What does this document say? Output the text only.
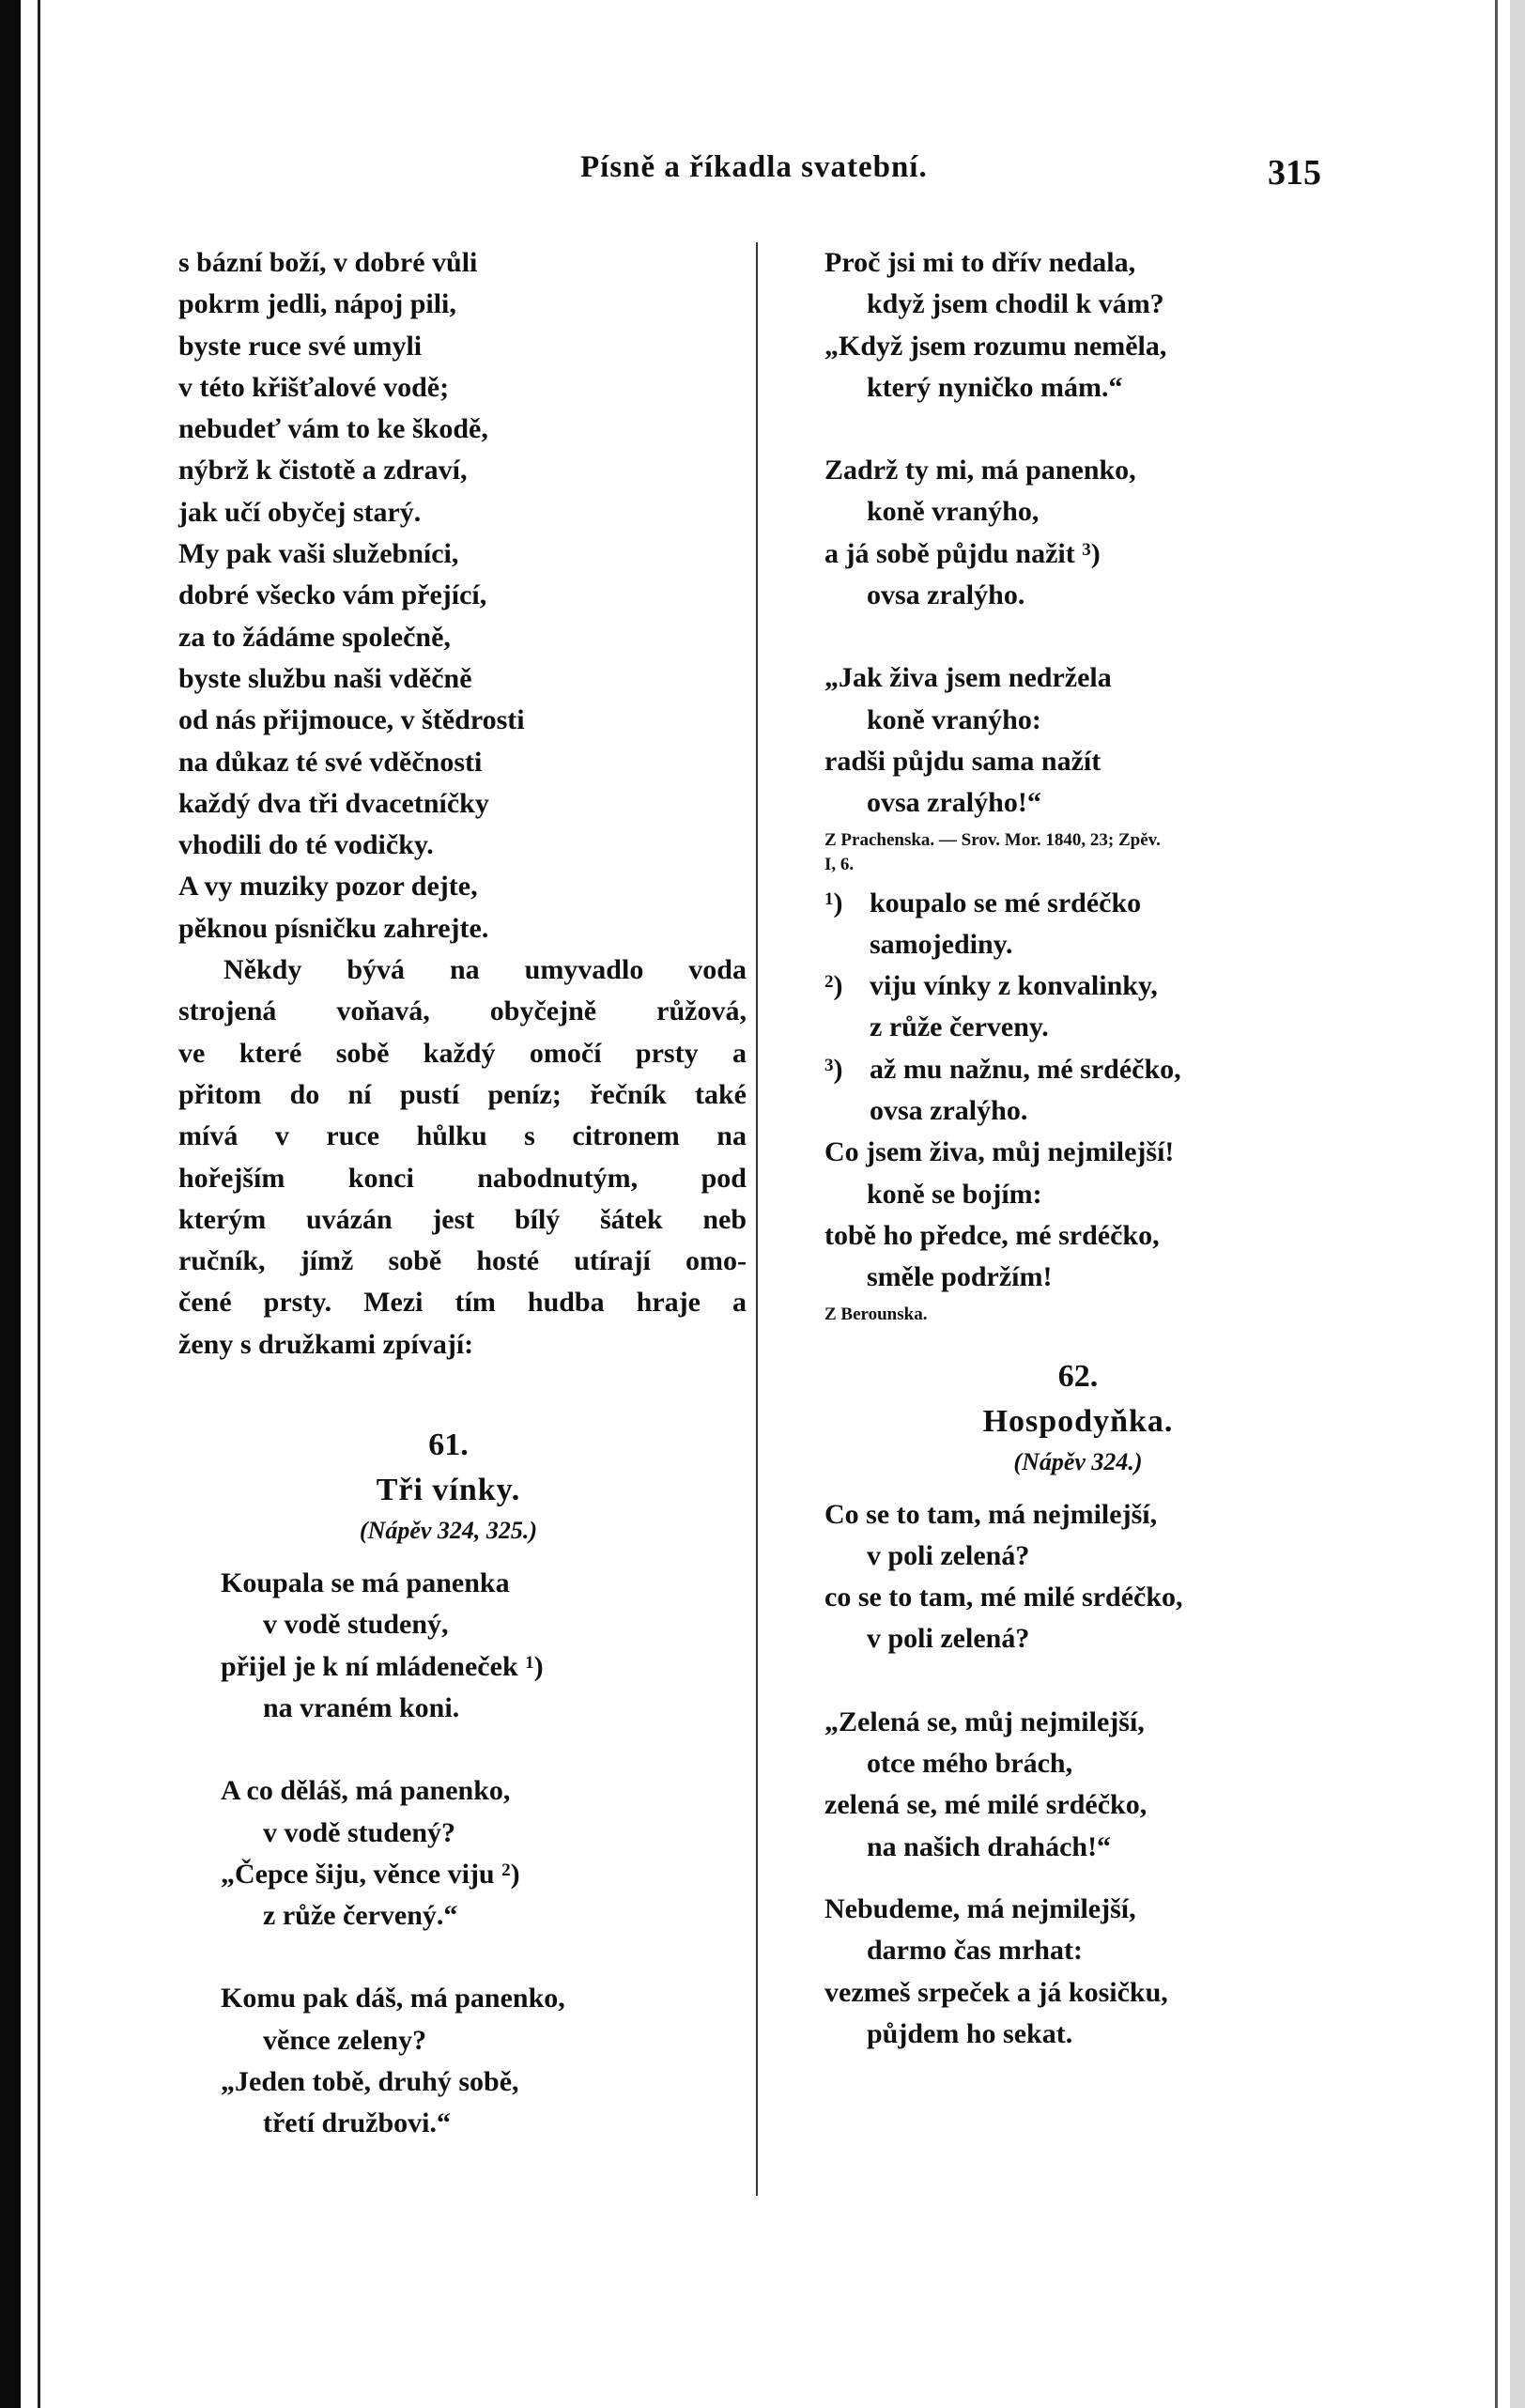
Písně a říkadla svatební.	315
s bázní boží, v dobré vůli
pokrm jedli, nápoj pili,
byste ruce své umyli
v této křišťalové vodě;
nebudeť vám to ke škodě,
nýbrž k čistotě a zdraví,
jak učí obyčej starý.
My pak vaši služebníci,
dobré všecko vám přející,
za to žádáme společně,
byste službu naši vděčně
od nás přijmouce, v štědrosti
na důkaz té své vděčnosti
každý dva tři dvacetníčky
vhodili do té vodičky.
A vy muziky pozor dejte,
pěknou písničku zahrejte.
Někdy bývá na umyvadlo voda
strojená voňavá, obyčejně růžová,
ve které sobě každý omočí prsty a
přitom do ní pustí peníz; řečník také
mívá v ruce hůlku s citronem na
hořejším konci nabodnutým, pod
kterým uvázán jest bílý šátek neb
ručník, jímž sobě hosté utírají omo-
čené prsty. Mezi tím hudba hraje a
ženy s družkami zpívají:
61.
Tři vínky.
(Nápěv 324, 325.)
Koupala se má panenka
v vodě studený,
přijel je k ní mládeneček $^1$)
na vraném koni.
A co děláš, má panenko,
v vodě studený?
„Čepce šiju, věnce viju $^2$)
z růže červený.“
Komu pak dáš, má panenko,
věnce zeleny?
„Jeden tobě, druhý sobě,
třetí družbovi.“
Proč jsi mi to dřív nedala,
když jsem chodil k vám?
„Když jsem rozumu neměla,
který nyničko mám.“
Zadrž ty mi, má panenko,
koně vranýho,
a já sobě půjdu nažit $^3$)
ovsa zralýho.
„Jak živa jsem nedržela
koně vranýho:
radši půjdu sama nažít
ovsa zralýho!“
Z Prachenska. — Srov. Mor. 1840, 23; Zpěv.
I, 6.
$^1$) koupalo se mé srdéčko
samojediny.
$^2$) viju vínky z konvalinky,
z růže červeny.
$^3$) až mu nažnu, mé srdéčko,
ovsa zralýho.
Co jsem živa, můj nejmilejší!
koně se bojím:
tobě ho předce, mé srdéčko,
směle podržím!
Z Berounska.
62.
Hospodyňka.
(Nápěv 324.)
Co se to tam, má nejmilejší,
v poli zelená?
co se to tam, mé milé srdéčko,
v poli zelená?
„Zelená se, můj nejmilejší,
otce mého brách,
zelená se, mé milé srdéčko,
na našich drahách!“
Nebudeme, má nejmilejší,
darmo čas mrhat:
vezmeš srpeček a já kosičku,
půjdem ho sekat.
